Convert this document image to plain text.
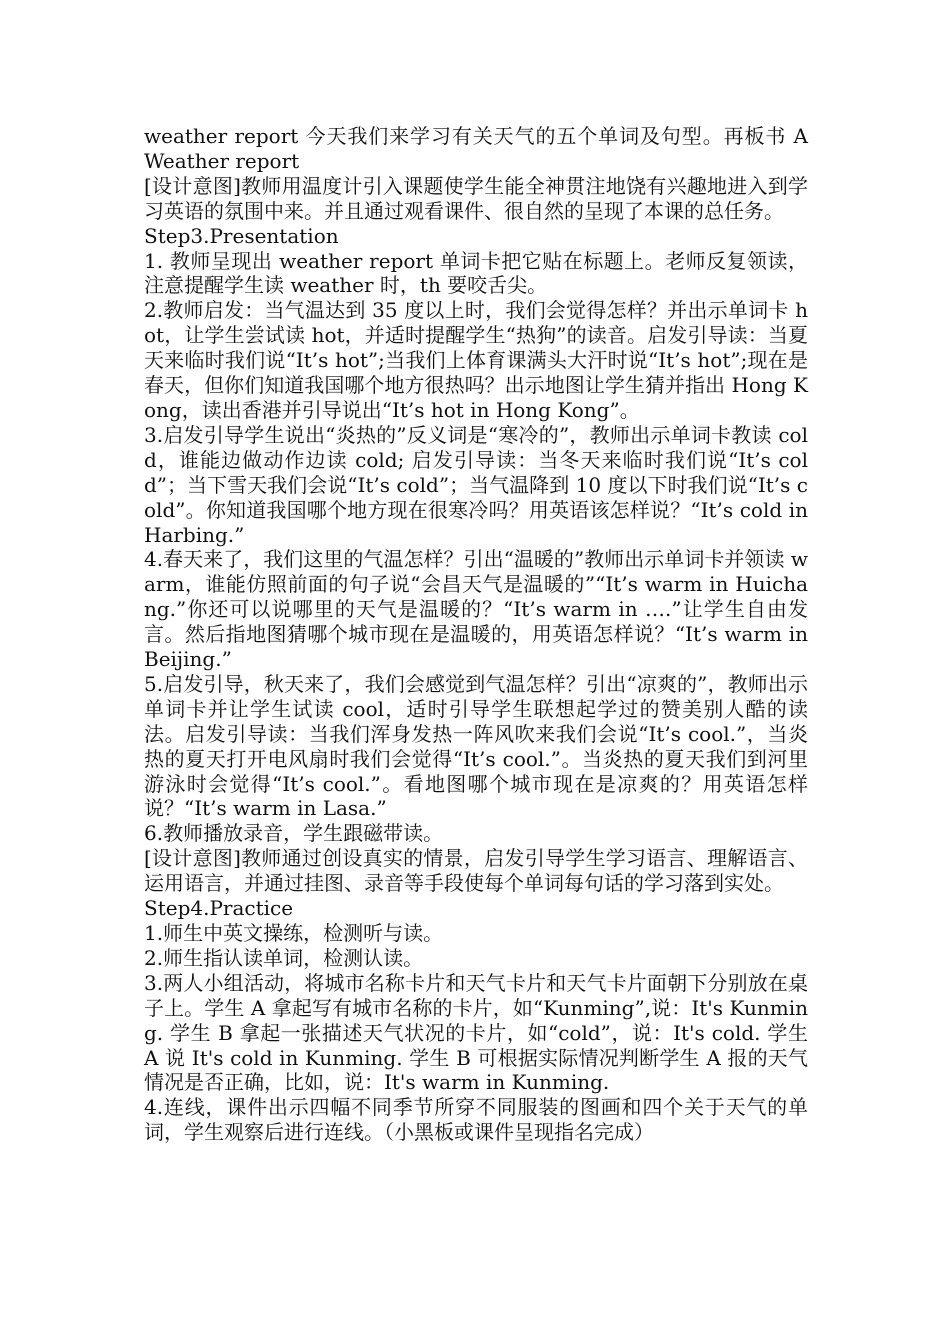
weather report 今天我们来学习有关天气的五个单词及句型。再板书 A Weather report

[设计意图]教师用温度计引入课题使学生能全神贯注地饶有兴趣地进入到学习英语的氛围中来。并且通过观看课件、很自然的呈现了本课的总任务。

Step3.Presentation

1. 教师呈现出 weather report 单词卡把它贴在标题上。老师反复领读，注意提醒学生读 weather 时，th 要咬舌尖。

2.教师启发：当气温达到 35 度以上时，我们会觉得怎样？并出示单词卡 hot，让学生尝试读 hot，并适时提醒学生“热狗”的读音。启发引导读：当夏天来临时我们说“It’s hot”;当我们上体育课满头大汗时说“It’s hot”;现在是春天，但你们知道我国哪个地方很热吗？出示地图让学生猜并指出 Hong Kong，读出香港并引导说出“It’s hot in Hong Kong”。

3.启发引导学生说出“炎热的”反义词是“寒冷的”，教师出示单词卡教读 cold，谁能边做动作边读 cold; 启发引导读：当冬天来临时我们说“It’s cold”；当下雪天我们会说“It’s cold”；当气温降到 10 度以下时我们说“It’s cold”。你知道我国哪个地方现在很寒冷吗？用英语该怎样说？“It’s cold in Harbing.”

4.春天来了，我们这里的气温怎样？引出“温暖的”教师出示单词卡并领读 warm，谁能仿照前面的句子说“会昌天气是温暖的”“It’s warm in Huichang.”你还可以说哪里的天气是温暖的？“It’s warm in ….”让学生自由发言。然后指地图猜哪个城市现在是温暖的，用英语怎样说？“It’s warm in Beijing.”

5.启发引导，秋天来了，我们会感觉到气温怎样？引出“凉爽的”，教师出示单词卡并让学生试读 cool，适时引导学生联想起学过的赞美别人酷的读法。启发引导读：当我们浑身发热一阵风吹来我们会说“It’s cool.”，当炎热的夏天打开电风扇时我们会觉得“It’s cool.”。当炎热的夏天我们到河里游泳时会觉得“It’s cool.”。看地图哪个城市现在是凉爽的？用英语怎样说？“It’s warm in Lasa.”

6.教师播放录音，学生跟磁带读。

[设计意图]教师通过创设真实的情景，启发引导学生学习语言、理解语言、运用语言，并通过挂图、录音等手段使每个单词每句话的学习落到实处。

Step4.Practice

1.师生中英文操练，检测听与读。

2.师生指认读单词，检测认读。

3.两人小组活动，将城市名称卡片和天气卡片和天气卡片面朝下分别放在桌子上。学生 A 拿起写有城市名称的卡片，如“Kunming”,说：It's Kunming. 学生 B 拿起一张描述天气状况的卡片，如“cold”，说：It's cold. 学生 A 说 It's cold in Kunming. 学生 B 可根据实际情况判断学生 A 报的天气情况是否正确，比如，说：It's warm in Kunming.

4.连线，课件出示四幅不同季节所穿不同服装的图画和四个关于天气的单词，学生观察后进行连线。（小黑板或课件呈现指名完成）
